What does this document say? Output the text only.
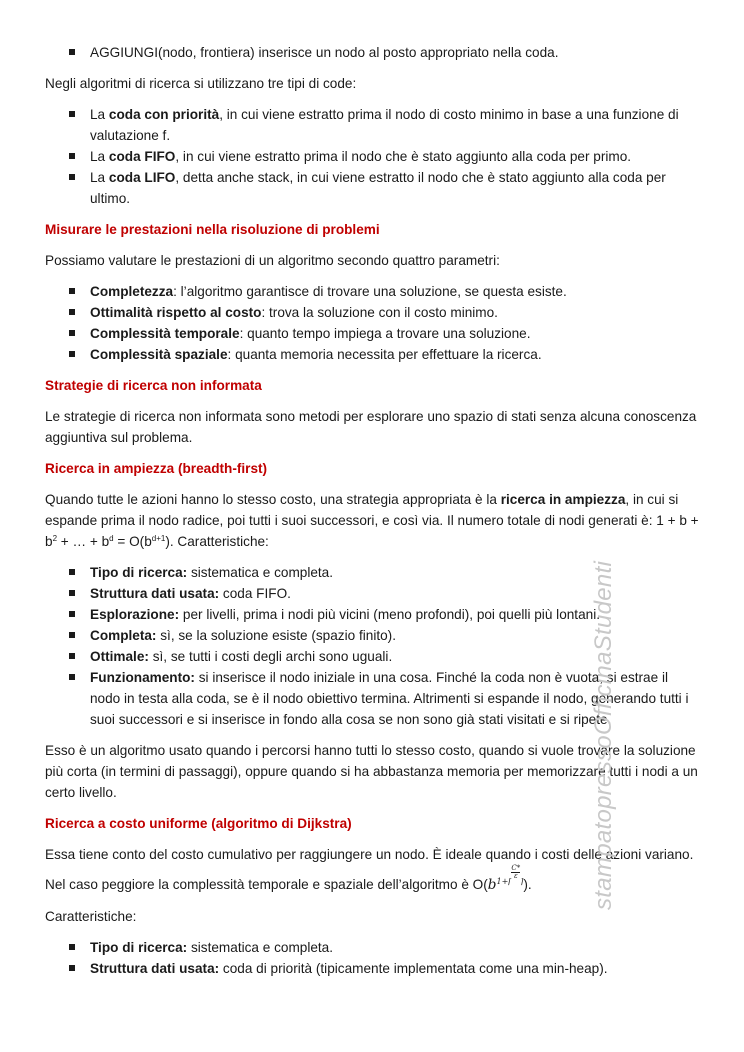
AGGIUNGI(nodo, frontiera) inserisce un nodo al posto appropriato nella coda.

Negli algoritmi di ricerca si utilizzano tre tipi di code:

La coda con priorità, in cui viene estratto prima il nodo di costo minimo in base a una funzione di valutazione f.
La coda FIFO, in cui viene estratto prima il nodo che è stato aggiunto alla coda per primo.
La coda LIFO, detta anche stack, in cui viene estratto il nodo che è stato aggiunto alla coda per ultimo.
Misurare le prestazioni nella risoluzione di problemi

Possiamo valutare le prestazioni di un algoritmo secondo quattro parametri:

Completezza: l’algoritmo garantisce di trovare una soluzione, se questa esiste.
Ottimalità rispetto al costo: trova la soluzione con il costo minimo.
Complessità temporale: quanto tempo impiega a trovare una soluzione.
Complessità spaziale: quanta memoria necessita per effettuare la ricerca.
Strategie di ricerca non informata

Le strategie di ricerca non informata sono metodi per esplorare uno spazio di stati senza alcuna conoscenza aggiuntiva sul problema.

Ricerca in ampiezza (breadth-first)

Quando tutte le azioni hanno lo stesso costo, una strategia appropriata è la ricerca in ampiezza, in cui si espande prima il nodo radice, poi tutti i suoi successori, e così via. Il numero totale di nodi generati è: $1 + b + b^2$ + … + $b^d = O(b^{d+1})$. Caratteristiche:

Tipo di ricerca: sistematica e completa.
Struttura dati usata: coda FIFO.
Esplorazione: per livelli, prima i nodi più vicini (meno profondi), poi quelli più lontani.
Completa: sì, se la soluzione esiste (spazio finito).
Ottimale: sì, se tutti i costi degli archi sono uguali.
Funzionamento: si inserisce il nodo iniziale in una cosa. Finché la coda non è vuota, si estrae il nodo in testa alla coda, se è il nodo obiettivo termina. Altrimenti si espande il nodo, generando tutti i suoi successori e si inserisce in fondo alla cosa se non sono già stati visitati e si ripete.

Esso è un algoritmo usato quando i percorsi hanno tutti lo stesso costo, quando si vuole trovare la soluzione più corta (in termini di passaggi), oppure quando si ha abbastanza memoria per memorizzare tutti i nodi a un certo livello.

Ricerca a costo uniforme (algoritmo di Dijkstra)

Essa tiene conto del costo cumulativo per raggiungere un nodo. È ideale quando i costi delle azioni variano. Nel caso peggiore la complessità temporale e spaziale dell’algoritmo è $O(b^{1+⌈ \frac{C*}{\varepsilon} ⌉})$.

Caratteristiche:

Tipo di ricerca: sistematica e completa.
Struttura dati usata: coda di priorità (tipicamente implementata come una min-heap).
stampatopressoOfficinaStudenti
